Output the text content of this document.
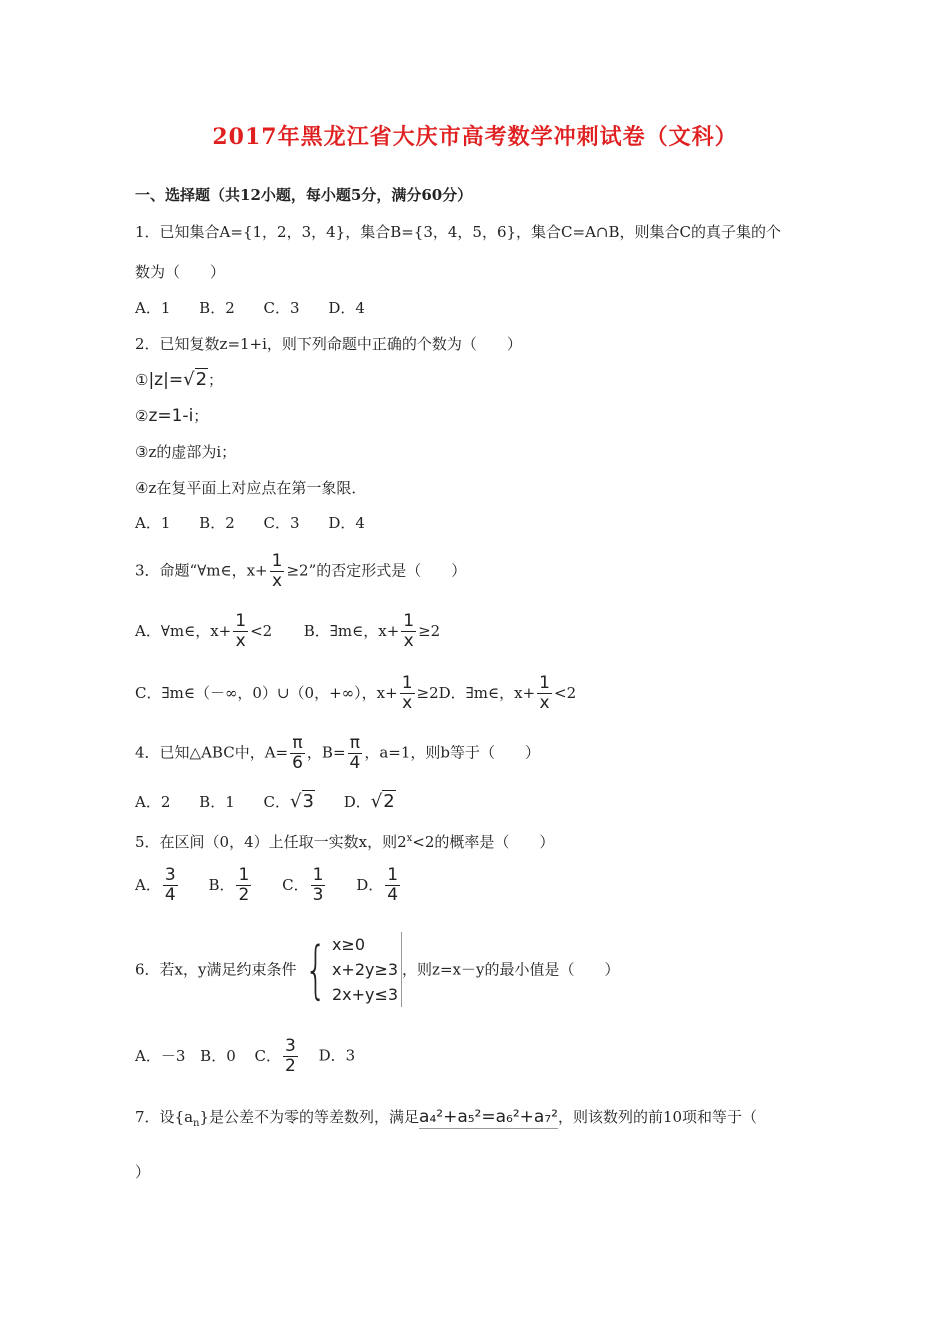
2017年黑龙江省大庆市高考数学冲刺试卷（文科）
一、选择题（共12小题，每小题5分，满分60分）
1．已知集合A={1，2，3，4}，集合B={3，4，5，6}，集合C=A∩B，则集合C的真子集的个
数为（　　）
A．1 B．2 C．3 D．4
2．已知复数z=1+i，则下列命题中正确的个数为（　　）
①|z|=√2；
②z=1-i；
③z的虚部为i；
④z在复平面上对应点在第一象限．
A．1 B．2 C．3 D．4
3．命题“∀m∈，$x+ \frac{1}{x} \ge 2$”的否定形式是（　　）
A．∀m∈，$x+ \frac{1}{x} <2$ B．∃m∈，$x+ \frac{1}{x} \ge 2$
C．∃m∈（－∞，0）∪（0，+∞），$x+ \frac{1}{x} \ge 2D$．∃m∈，$x+ \frac{1}{x} <2$
4．已知△ABC中，$A= \frac{\pi}{6}$ ，$B= \frac{\pi}{4}$ ，a=1，则b等于（　　）
A．2 B．1 C．√3 D．√2
5．在区间（0，4）上任取一实数x，则$2^x<2$的概率是（　　）
A． $\frac{3}{4}$ B． $\frac{1}{2}$ C． $\frac{1}{3}$ D． $\frac{1}{4}$
6．若x，y满足约束条件 { x≥0
x+2y≥3
2x+y≤3
，则z=x－y的最小值是（　　）
A．－3 B．0 C． $\frac{3}{2}$ D．3
7．设$\{a_n\}$是公差不为零的等差数列，满足a₄²+a₅²=a₆²+a₇²，则该数列的前10项和等于（
）
